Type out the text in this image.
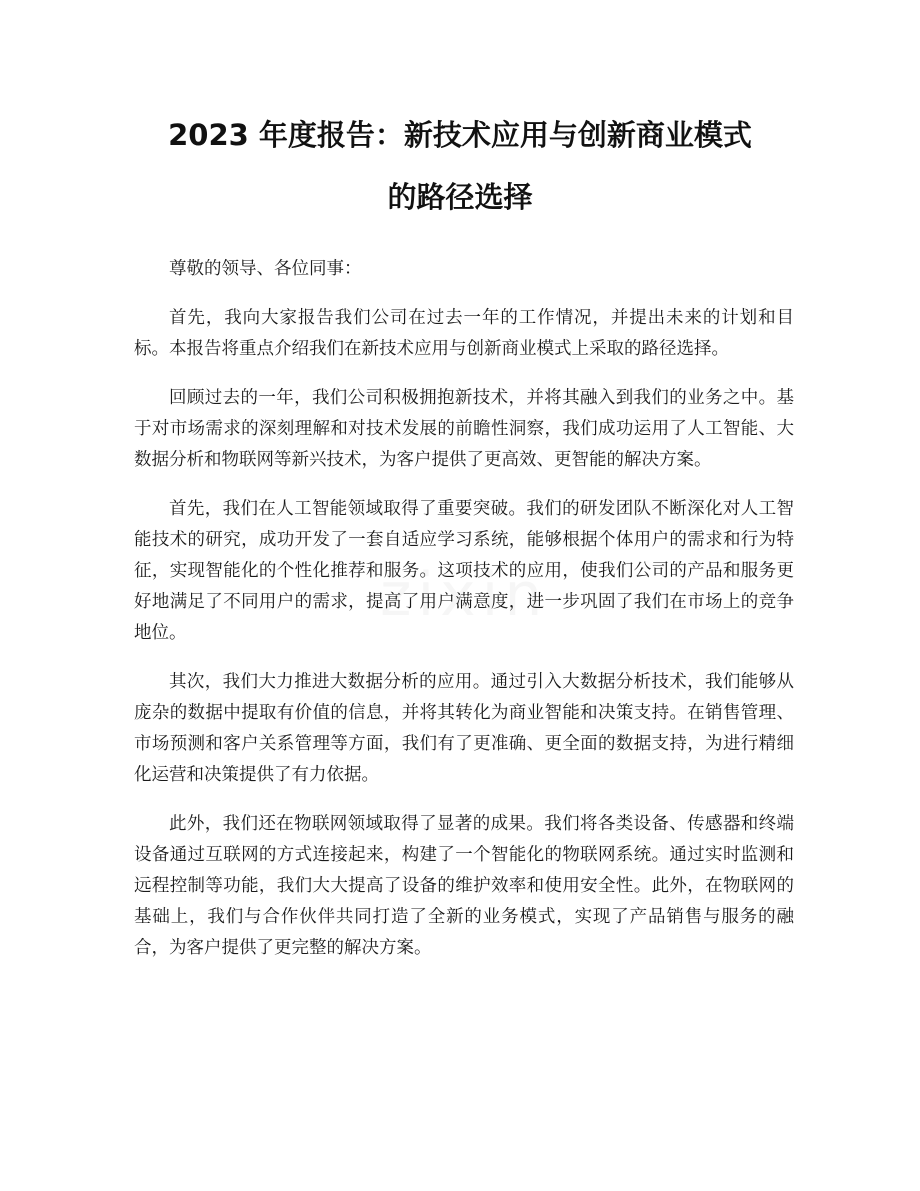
2023 年度报告：新技术应用与创新商业模式
的路径选择

尊敬的领导、各位同事：

首先，我向大家报告我们公司在过去一年的工作情况，并提出未来的计划和目标。本报告将重点介绍我们在新技术应用与创新商业模式上采取的路径选择。

回顾过去的一年，我们公司积极拥抱新技术，并将其融入到我们的业务之中。基于对市场需求的深刻理解和对技术发展的前瞻性洞察，我们成功运用了人工智能、大数据分析和物联网等新兴技术，为客户提供了更高效、更智能的解决方案。

首先，我们在人工智能领域取得了重要突破。我们的研发团队不断深化对人工智能技术的研究，成功开发了一套自适应学习系统，能够根据个体用户的需求和行为特征，实现智能化的个性化推荐和服务。这项技术的应用，使我们公司的产品和服务更好地满足了不同用户的需求，提高了用户满意度，进一步巩固了我们在市场上的竞争地位。

其次，我们大力推进大数据分析的应用。通过引入大数据分析技术，我们能够从庞杂的数据中提取有价值的信息，并将其转化为商业智能和决策支持。在销售管理、市场预测和客户关系管理等方面，我们有了更准确、更全面的数据支持，为进行精细化运营和决策提供了有力依据。

此外，我们还在物联网领域取得了显著的成果。我们将各类设备、传感器和终端设备通过互联网的方式连接起来，构建了一个智能化的物联网系统。通过实时监测和远程控制等功能，我们大大提高了设备的维护效率和使用安全性。此外，在物联网的基础上，我们与合作伙伴共同打造了全新的业务模式，实现了产品销售与服务的融合，为客户提供了更完整的解决方案。
